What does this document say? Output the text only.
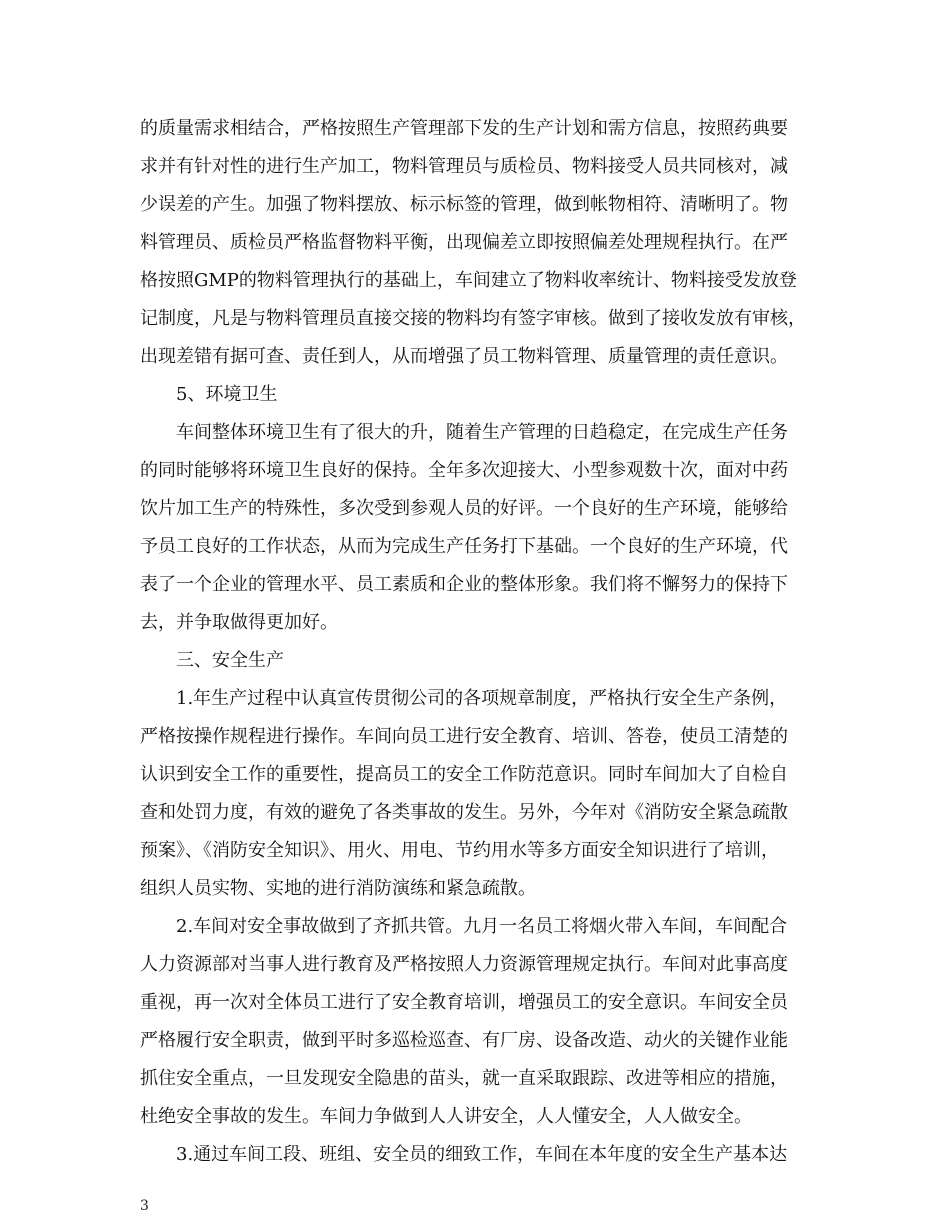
的质量需求相结合，严格按照生产管理部下发的生产计划和需方信息，按照药典要
求并有针对性的进行生产加工，物料管理员与质检员、物料接受人员共同核对，减
少误差的产生。加强了物料摆放、标示标签的管理，做到帐物相符、清晰明了。物
料管理员、质检员严格监督物料平衡，出现偏差立即按照偏差处理规程执行。在严
格按照GMP的物料管理执行的基础上，车间建立了物料收率统计、物料接受发放登
记制度，凡是与物料管理员直接交接的物料均有签字审核。做到了接收发放有审核，
出现差错有据可查、责任到人，从而增强了员工物料管理、质量管理的责任意识。
5、环境卫生
车间整体环境卫生有了很大的升，随着生产管理的日趋稳定，在完成生产任务
的同时能够将环境卫生良好的保持。全年多次迎接大、小型参观数十次，面对中药
饮片加工生产的特殊性，多次受到参观人员的好评。一个良好的生产环境，能够给
予员工良好的工作状态，从而为完成生产任务打下基础。一个良好的生产环境，代
表了一个企业的管理水平、员工素质和企业的整体形象。我们将不懈努力的保持下
去，并争取做得更加好。
三、安全生产
1.年生产过程中认真宣传贯彻公司的各项规章制度，严格执行安全生产条例，
严格按操作规程进行操作。车间向员工进行安全教育、培训、答卷，使员工清楚的
认识到安全工作的重要性，提高员工的安全工作防范意识。同时车间加大了自检自
查和处罚力度，有效的避免了各类事故的发生。另外，今年对《消防安全紧急疏散
预案》、《消防安全知识》、用火、用电、节约用水等多方面安全知识进行了培训，
组织人员实物、实地的进行消防演练和紧急疏散。
2.车间对安全事故做到了齐抓共管。九月一名员工将烟火带入车间，车间配合
人力资源部对当事人进行教育及严格按照人力资源管理规定执行。车间对此事高度
重视，再一次对全体员工进行了安全教育培训，增强员工的安全意识。车间安全员
严格履行安全职责，做到平时多巡检巡查、有厂房、设备改造、动火的关键作业能
抓住安全重点，一旦发现安全隐患的苗头，就一直采取跟踪、改进等相应的措施，
杜绝安全事故的发生。车间力争做到人人讲安全，人人懂安全，人人做安全。
3.通过车间工段、班组、安全员的细致工作，车间在本年度的安全生产基本达
3
